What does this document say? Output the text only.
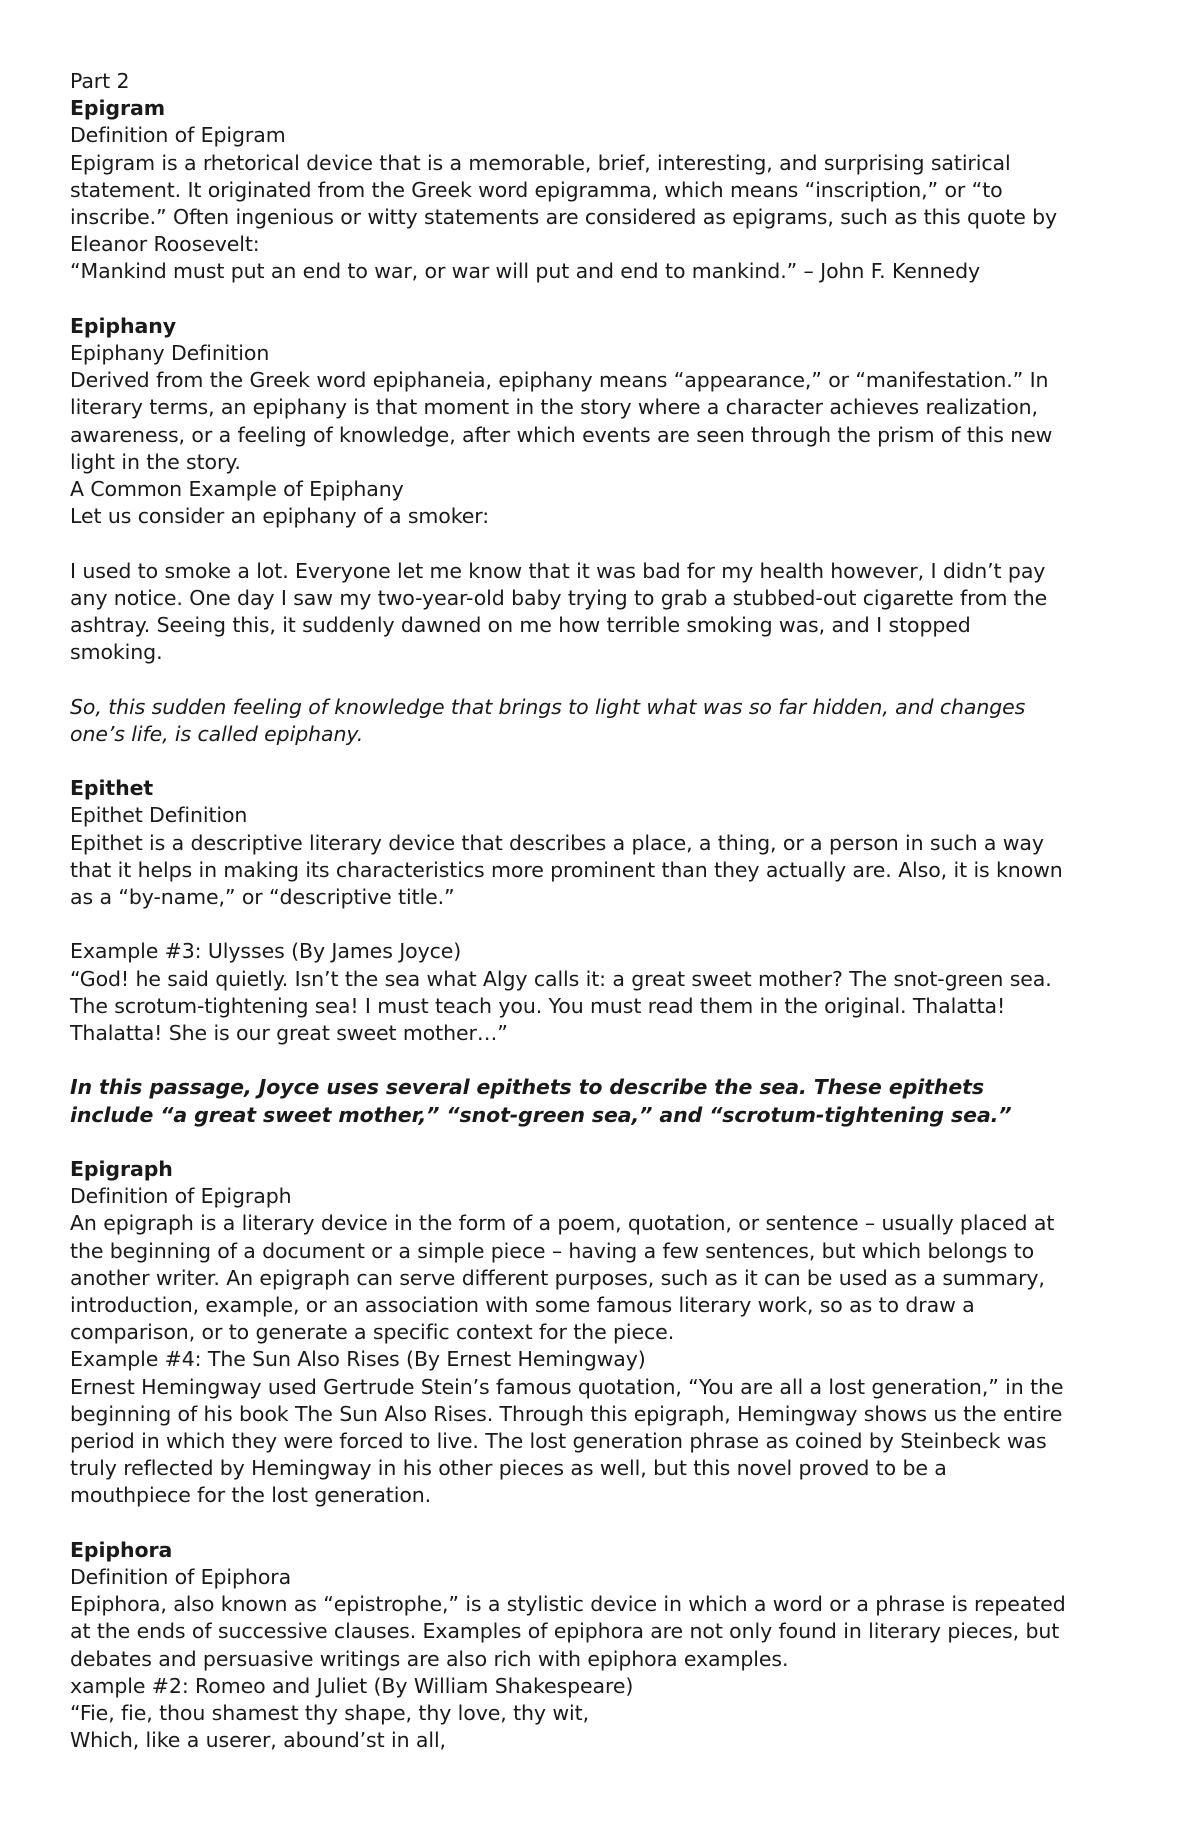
Part 2
Epigram
Definition of Epigram
Epigram is a rhetorical device that is a memorable, brief, interesting, and surprising satirical
statement. It originated from the Greek word epigramma, which means “inscription,” or “to
inscribe.” Often ingenious or witty statements are considered as epigrams, such as this quote by
Eleanor Roosevelt:
“Mankind must put an end to war, or war will put and end to mankind.” – John F. Kennedy
Epiphany
Epiphany Definition
Derived from the Greek word epiphaneia, epiphany means “appearance,” or “manifestation.” In
literary terms, an epiphany is that moment in the story where a character achieves realization,
awareness, or a feeling of knowledge, after which events are seen through the prism of this new
light in the story.
A Common Example of Epiphany
Let us consider an epiphany of a smoker:
I used to smoke a lot. Everyone let me know that it was bad for my health however, I didn’t pay
any notice. One day I saw my two-year-old baby trying to grab a stubbed-out cigarette from the
ashtray. Seeing this, it suddenly dawned on me how terrible smoking was, and I stopped
smoking.
So, this sudden feeling of knowledge that brings to light what was so far hidden, and changes
one’s life, is called epiphany.
Epithet
Epithet Definition
Epithet is a descriptive literary device that describes a place, a thing, or a person in such a way
that it helps in making its characteristics more prominent than they actually are. Also, it is known
as a “by-name,” or “descriptive title.”
Example #3: Ulysses (By James Joyce)
“God! he said quietly. Isn’t the sea what Algy calls it: a great sweet mother? The snot-green sea.
The scrotum-tightening sea! I must teach you. You must read them in the original. Thalatta!
Thalatta! She is our great sweet mother…”
In this passage, Joyce uses several epithets to describe the sea. These epithets
include “a great sweet mother,” “snot-green sea,” and “scrotum-tightening sea.”
Epigraph
Definition of Epigraph
An epigraph is a literary device in the form of a poem, quotation, or sentence – usually placed at
the beginning of a document or a simple piece – having a few sentences, but which belongs to
another writer. An epigraph can serve different purposes, such as it can be used as a summary,
introduction, example, or an association with some famous literary work, so as to draw a
comparison, or to generate a specific context for the piece.
Example #4: The Sun Also Rises (By Ernest Hemingway)
Ernest Hemingway used Gertrude Stein’s famous quotation, “You are all a lost generation,” in the
beginning of his book The Sun Also Rises. Through this epigraph, Hemingway shows us the entire
period in which they were forced to live. The lost generation phrase as coined by Steinbeck was
truly reflected by Hemingway in his other pieces as well, but this novel proved to be a
mouthpiece for the lost generation.
Epiphora
Definition of Epiphora
Epiphora, also known as “epistrophe,” is a stylistic device in which a word or a phrase is repeated
at the ends of successive clauses. Examples of epiphora are not only found in literary pieces, but
debates and persuasive writings are also rich with epiphora examples.
xample #2: Romeo and Juliet (By William Shakespeare)
“Fie, fie, thou shamest thy shape, thy love, thy wit,
Which, like a userer, abound’st in all,
